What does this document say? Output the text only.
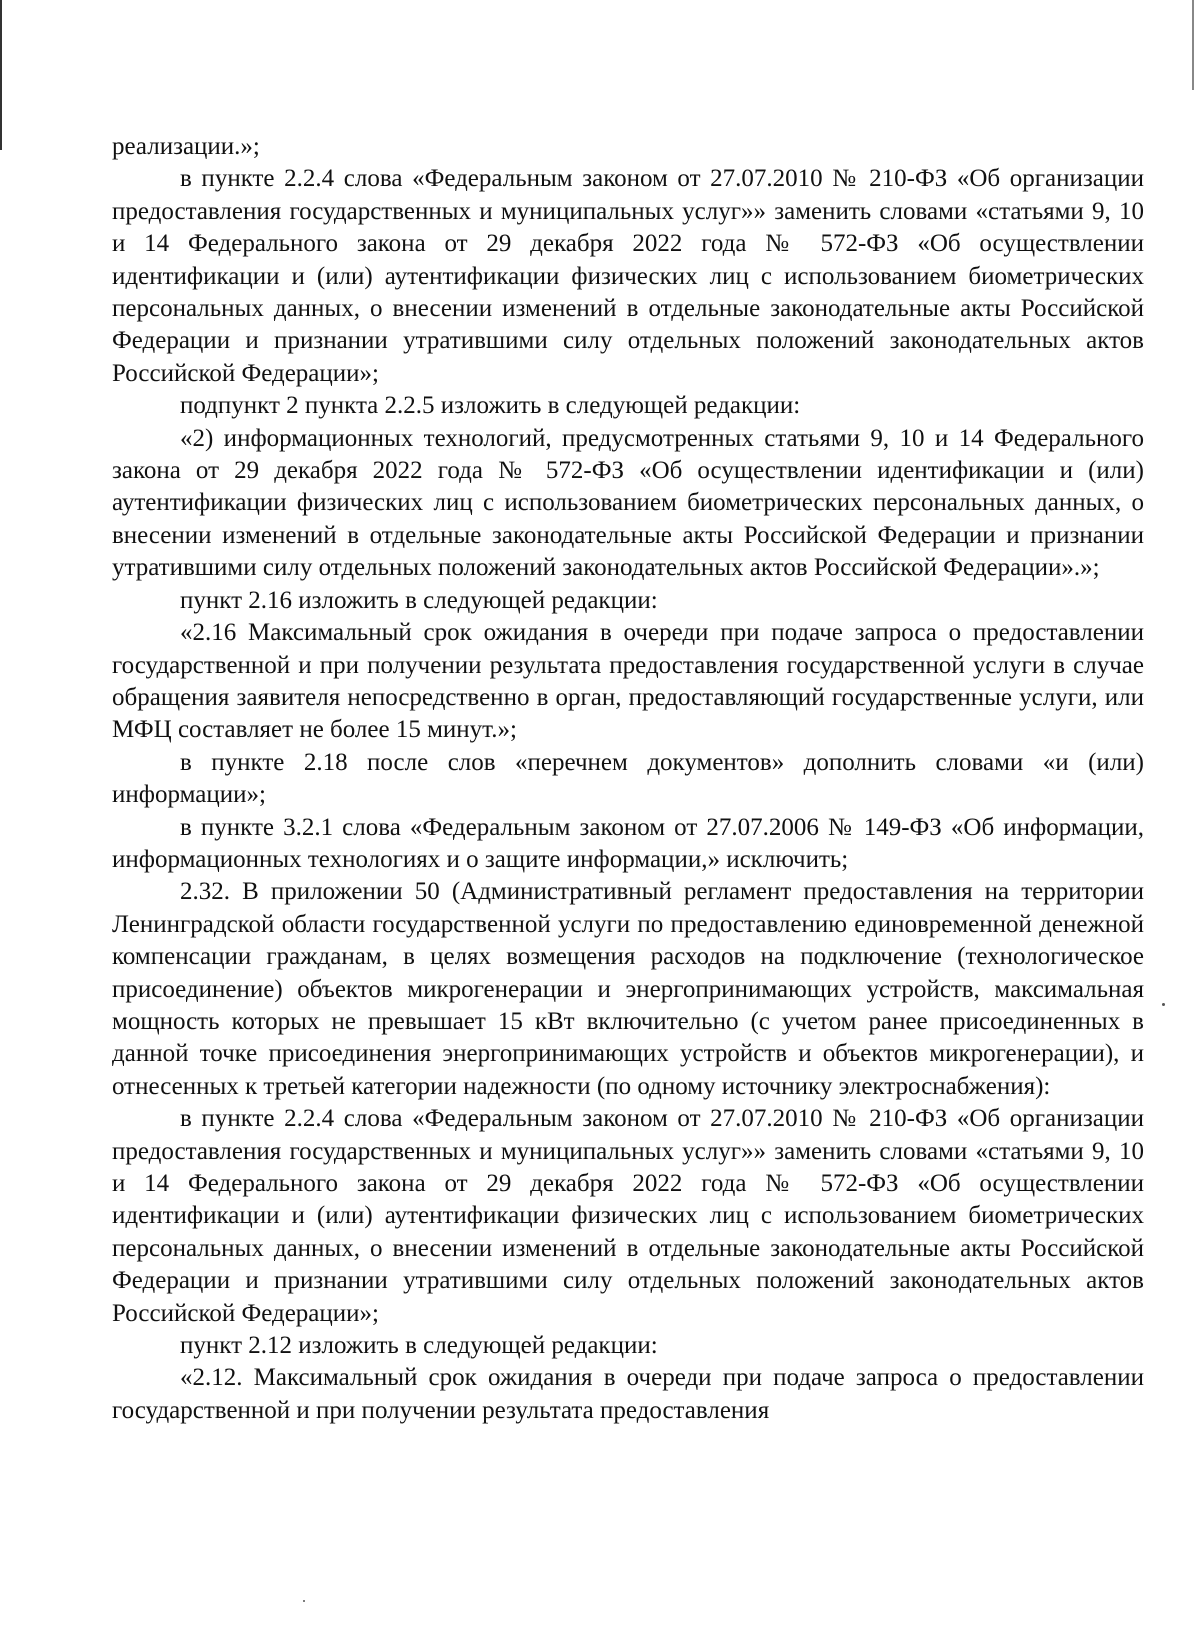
реализации.»;

в пункте 2.2.4 слова «Федеральным законом от 27.07.2010 № 210-ФЗ «Об организации предоставления государственных и муниципальных услуг»» заменить словами «статьями 9, 10 и 14 Федерального закона от 29 декабря 2022 года № 572-ФЗ «Об осуществлении идентификации и (или) аутентификации физических лиц с использованием биометрических персональных данных, о внесении изменений в отдельные законодательные акты Российской Федерации и признании утратившими силу отдельных положений законодательных актов Российской Федерации»;

подпункт 2 пункта 2.2.5 изложить в следующей редакции:

«2) информационных технологий, предусмотренных статьями 9, 10 и 14 Федерального закона от 29 декабря 2022 года № 572-ФЗ «Об осуществлении идентификации и (или) аутентификации физических лиц с использованием биометрических персональных данных, о внесении изменений в отдельные законодательные акты Российской Федерации и признании утратившими силу отдельных положений законодательных актов Российской Федерации».»;

пункт 2.16 изложить в следующей редакции:

«2.16 Максимальный срок ожидания в очереди при подаче запроса о предоставлении государственной и при получении результата предоставления государственной услуги в случае обращения заявителя непосредственно в орган, предоставляющий государственные услуги, или МФЦ составляет не более 15 минут.»;

в пункте 2.18 после слов «перечнем документов» дополнить словами «и (или) информации»;

в пункте 3.2.1 слова «Федеральным законом от 27.07.2006 № 149-ФЗ «Об информации, информационных технологиях и о защите информации,» исключить;

2.32. В приложении 50 (Административный регламент предоставления на территории Ленинградской области государственной услуги по предоставлению единовременной денежной компенсации гражданам, в целях возмещения расходов на подключение (технологическое присоединение) объектов микрогенерации и энергопринимающих устройств, максимальная мощность которых не превышает 15 кВт включительно (с учетом ранее присоединенных в данной точке присоединения энергопринимающих устройств и объектов микрогенерации), и отнесенных к третьей категории надежности (по одному источнику электроснабжения):

в пункте 2.2.4 слова «Федеральным законом от 27.07.2010 № 210-ФЗ «Об организации предоставления государственных и муниципальных услуг»» заменить словами «статьями 9, 10 и 14 Федерального закона от 29 декабря 2022 года № 572-ФЗ «Об осуществлении идентификации и (или) аутентификации физических лиц с использованием биометрических персональных данных, о внесении изменений в отдельные законодательные акты Российской Федерации и признании утратившими силу отдельных положений законодательных актов Российской Федерации»;

пункт 2.12 изложить в следующей редакции:

«2.12. Максимальный срок ожидания в очереди при подаче запроса о предоставлении государственной и при получении результата предоставления
